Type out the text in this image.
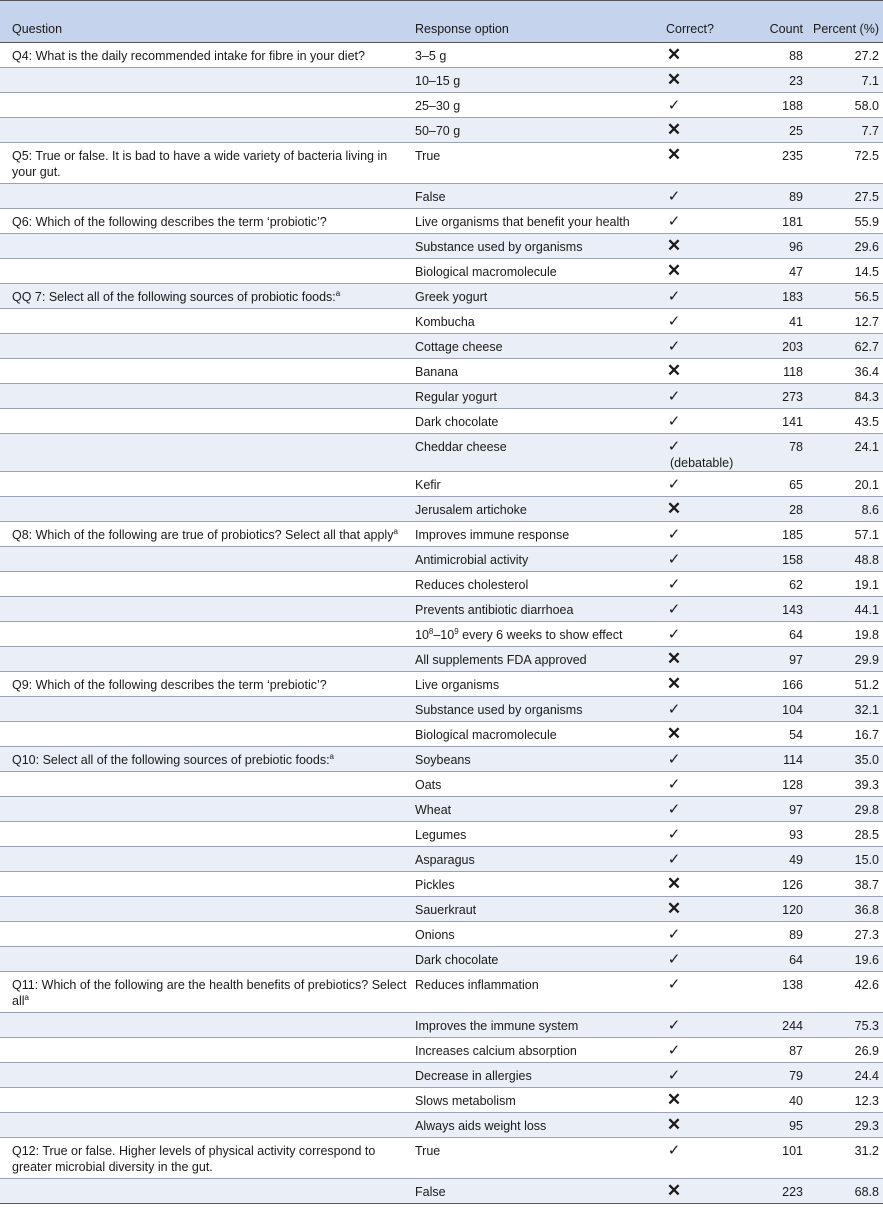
Question	Response option	Correct?	Count	Percent (%)
Q4: What is the daily recommended intake for fibre in your diet?	3–5 g	✕	88	27.2
	10–15 g	✕	23	7.1
	25–30 g	✓	188	58.0
	50–70 g	✕	25	7.7
Q5: True or false. It is bad to have a wide variety of bacteria living in your gut.	True	✕	235	72.5
	False	✓	89	27.5
Q6: Which of the following describes the term ‘probiotic’?	Live organisms that benefit your health	✓	181	55.9
	Substance used by organisms	✕	96	29.6
	Biological macromolecule	✕	47	14.5
QQ 7: Select all of the following sources of probiotic foods:$^a$	Greek yogurt	✓	183	56.5
	Kombucha	✓	41	12.7
	Cottage cheese	✓	203	62.7
	Banana	✕	118	36.4
	Regular yogurt	✓	273	84.3
	Dark chocolate	✓	141	43.5
	Cheddar cheese	✓(debatable)	78	24.1
	Kefir	✓	65	20.1
	Jerusalem artichoke	✕	28	8.6
Q8: Which of the following are true of probiotics? Select all that apply$^a$	Improves immune response	✓	185	57.1
	Antimicrobial activity	✓	158	48.8
	Reduces cholesterol	✓	62	19.1
	Prevents antibiotic diarrhoea	✓	143	44.1
	$10^8-10^9$ every 6 weeks to show effect	✓	64	19.8
	All supplements FDA approved	✕	97	29.9
Q9: Which of the following describes the term ‘prebiotic’?	Live organisms	✕	166	51.2
	Substance used by organisms	✓	104	32.1
	Biological macromolecule	✕	54	16.7
Q10: Select all of the following sources of prebiotic foods:$^a$	Soybeans	✓	114	35.0
	Oats	✓	128	39.3
	Wheat	✓	97	29.8
	Legumes	✓	93	28.5
	Asparagus	✓	49	15.0
	Pickles	✕	126	38.7
	Sauerkraut	✕	120	36.8
	Onions	✓	89	27.3
	Dark chocolate	✓	64	19.6
Q11: Which of the following are the health benefits of prebiotics? Select all$^a$	Reduces inflammation	✓	138	42.6
	Improves the immune system	✓	244	75.3
	Increases calcium absorption	✓	87	26.9
	Decrease in allergies	✓	79	24.4
	Slows metabolism	✕	40	12.3
	Always aids weight loss	✕	95	29.3
Q12: True or false. Higher levels of physical activity correspond to greater microbial diversity in the gut.	True	✓	101	31.2
	False	✕	223	68.8
